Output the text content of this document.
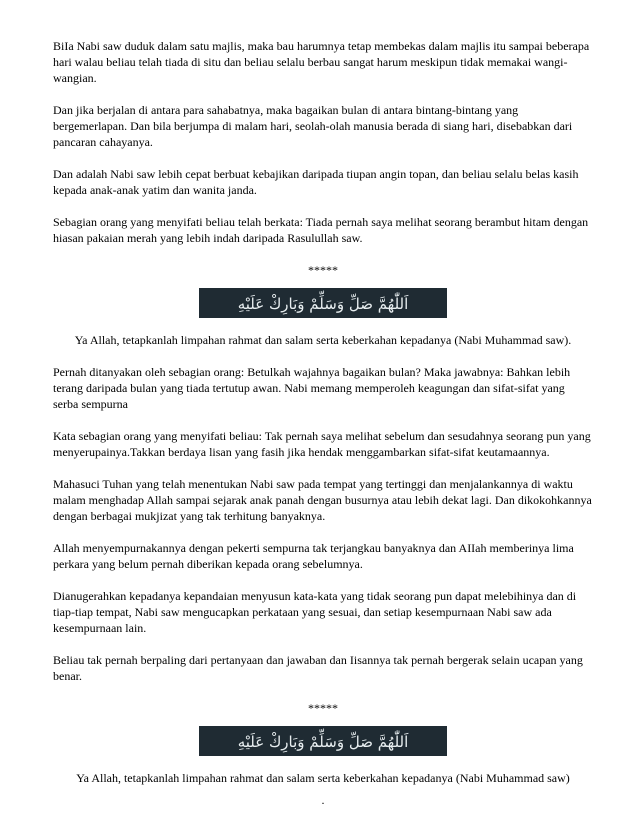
BiIa Nabi saw duduk dalam satu majlis, maka bau harumnya tetap membekas dalam majlis itu sampai beberapa hari walau beliau telah tiada di situ dan beliau selalu berbau sangat harum meskipun tidak memakai wangi-wangian.

Dan jika berjalan di antara para sahabatnya, maka bagaikan bulan di antara bintang-bintang yang bergemerlapan. Dan bila berjumpa di malam hari, seolah-olah manusia berada di siang hari, disebabkan dari pancaran cahayanya.

Dan adalah Nabi saw lebih cepat berbuat kebajikan daripada tiupan angin topan, dan beliau selalu belas kasih kepada anak-anak yatim dan wanita janda.

Sebagian orang yang menyifati beliau telah berkata: Tiada pernah saya melihat seorang berambut hitam dengan hiasan pakaian merah yang lebih indah daripada Rasulullah saw.

*****

اَللّٰهُمَّ صَلِّ وَسَلِّمْ وَبَارِكْ عَلَيْهِ

Ya Allah, tetapkanlah limpahan rahmat dan salam serta keberkahan kepadanya (Nabi Muhammad saw).

Pernah ditanyakan oleh sebagian orang: Betulkah wajahnya bagaikan bulan? Maka jawabnya: Bahkan lebih terang daripada bulan yang tiada tertutup awan. Nabi memang memperoleh keagungan dan sifat-sifat yang serba sempurna

Kata sebagian orang yang menyifati beliau: Tak pernah saya melihat sebelum dan sesudahnya seorang pun yang menyerupainya.Takkan berdaya lisan yang fasih jika hendak menggambarkan sifat-sifat keutamaannya.

Mahasuci Tuhan yang telah menentukan Nabi saw pada tempat yang tertinggi dan menjalankannya di waktu malam menghadap Allah sampai sejarak anak panah dengan busurnya atau lebih dekat lagi. Dan dikokohkannya dengan berbagai mukjizat yang tak terhitung banyaknya.

Allah menyempurnakannya dengan pekerti sempurna tak terjangkau banyaknya dan AIIah memberinya lima perkara yang belum pernah diberikan kepada orang sebelumnya.

Dianugerahkan kepadanya kepandaian menyusun kata-kata yang tidak seorang pun dapat melebihinya dan di tiap-tiap tempat, Nabi saw mengucapkan perkataan yang sesuai, dan setiap kesempurnaan Nabi saw ada kesempurnaan lain.

Beliau tak pernah berpaling dari pertanyaan dan jawaban dan Iisannya tak pernah bergerak selain ucapan yang benar.

*****

اَللّٰهُمَّ صَلِّ وَسَلِّمْ وَبَارِكْ عَلَيْهِ

Ya Allah, tetapkanlah limpahan rahmat dan salam serta keberkahan kepadanya (Nabi Muhammad saw)

.
